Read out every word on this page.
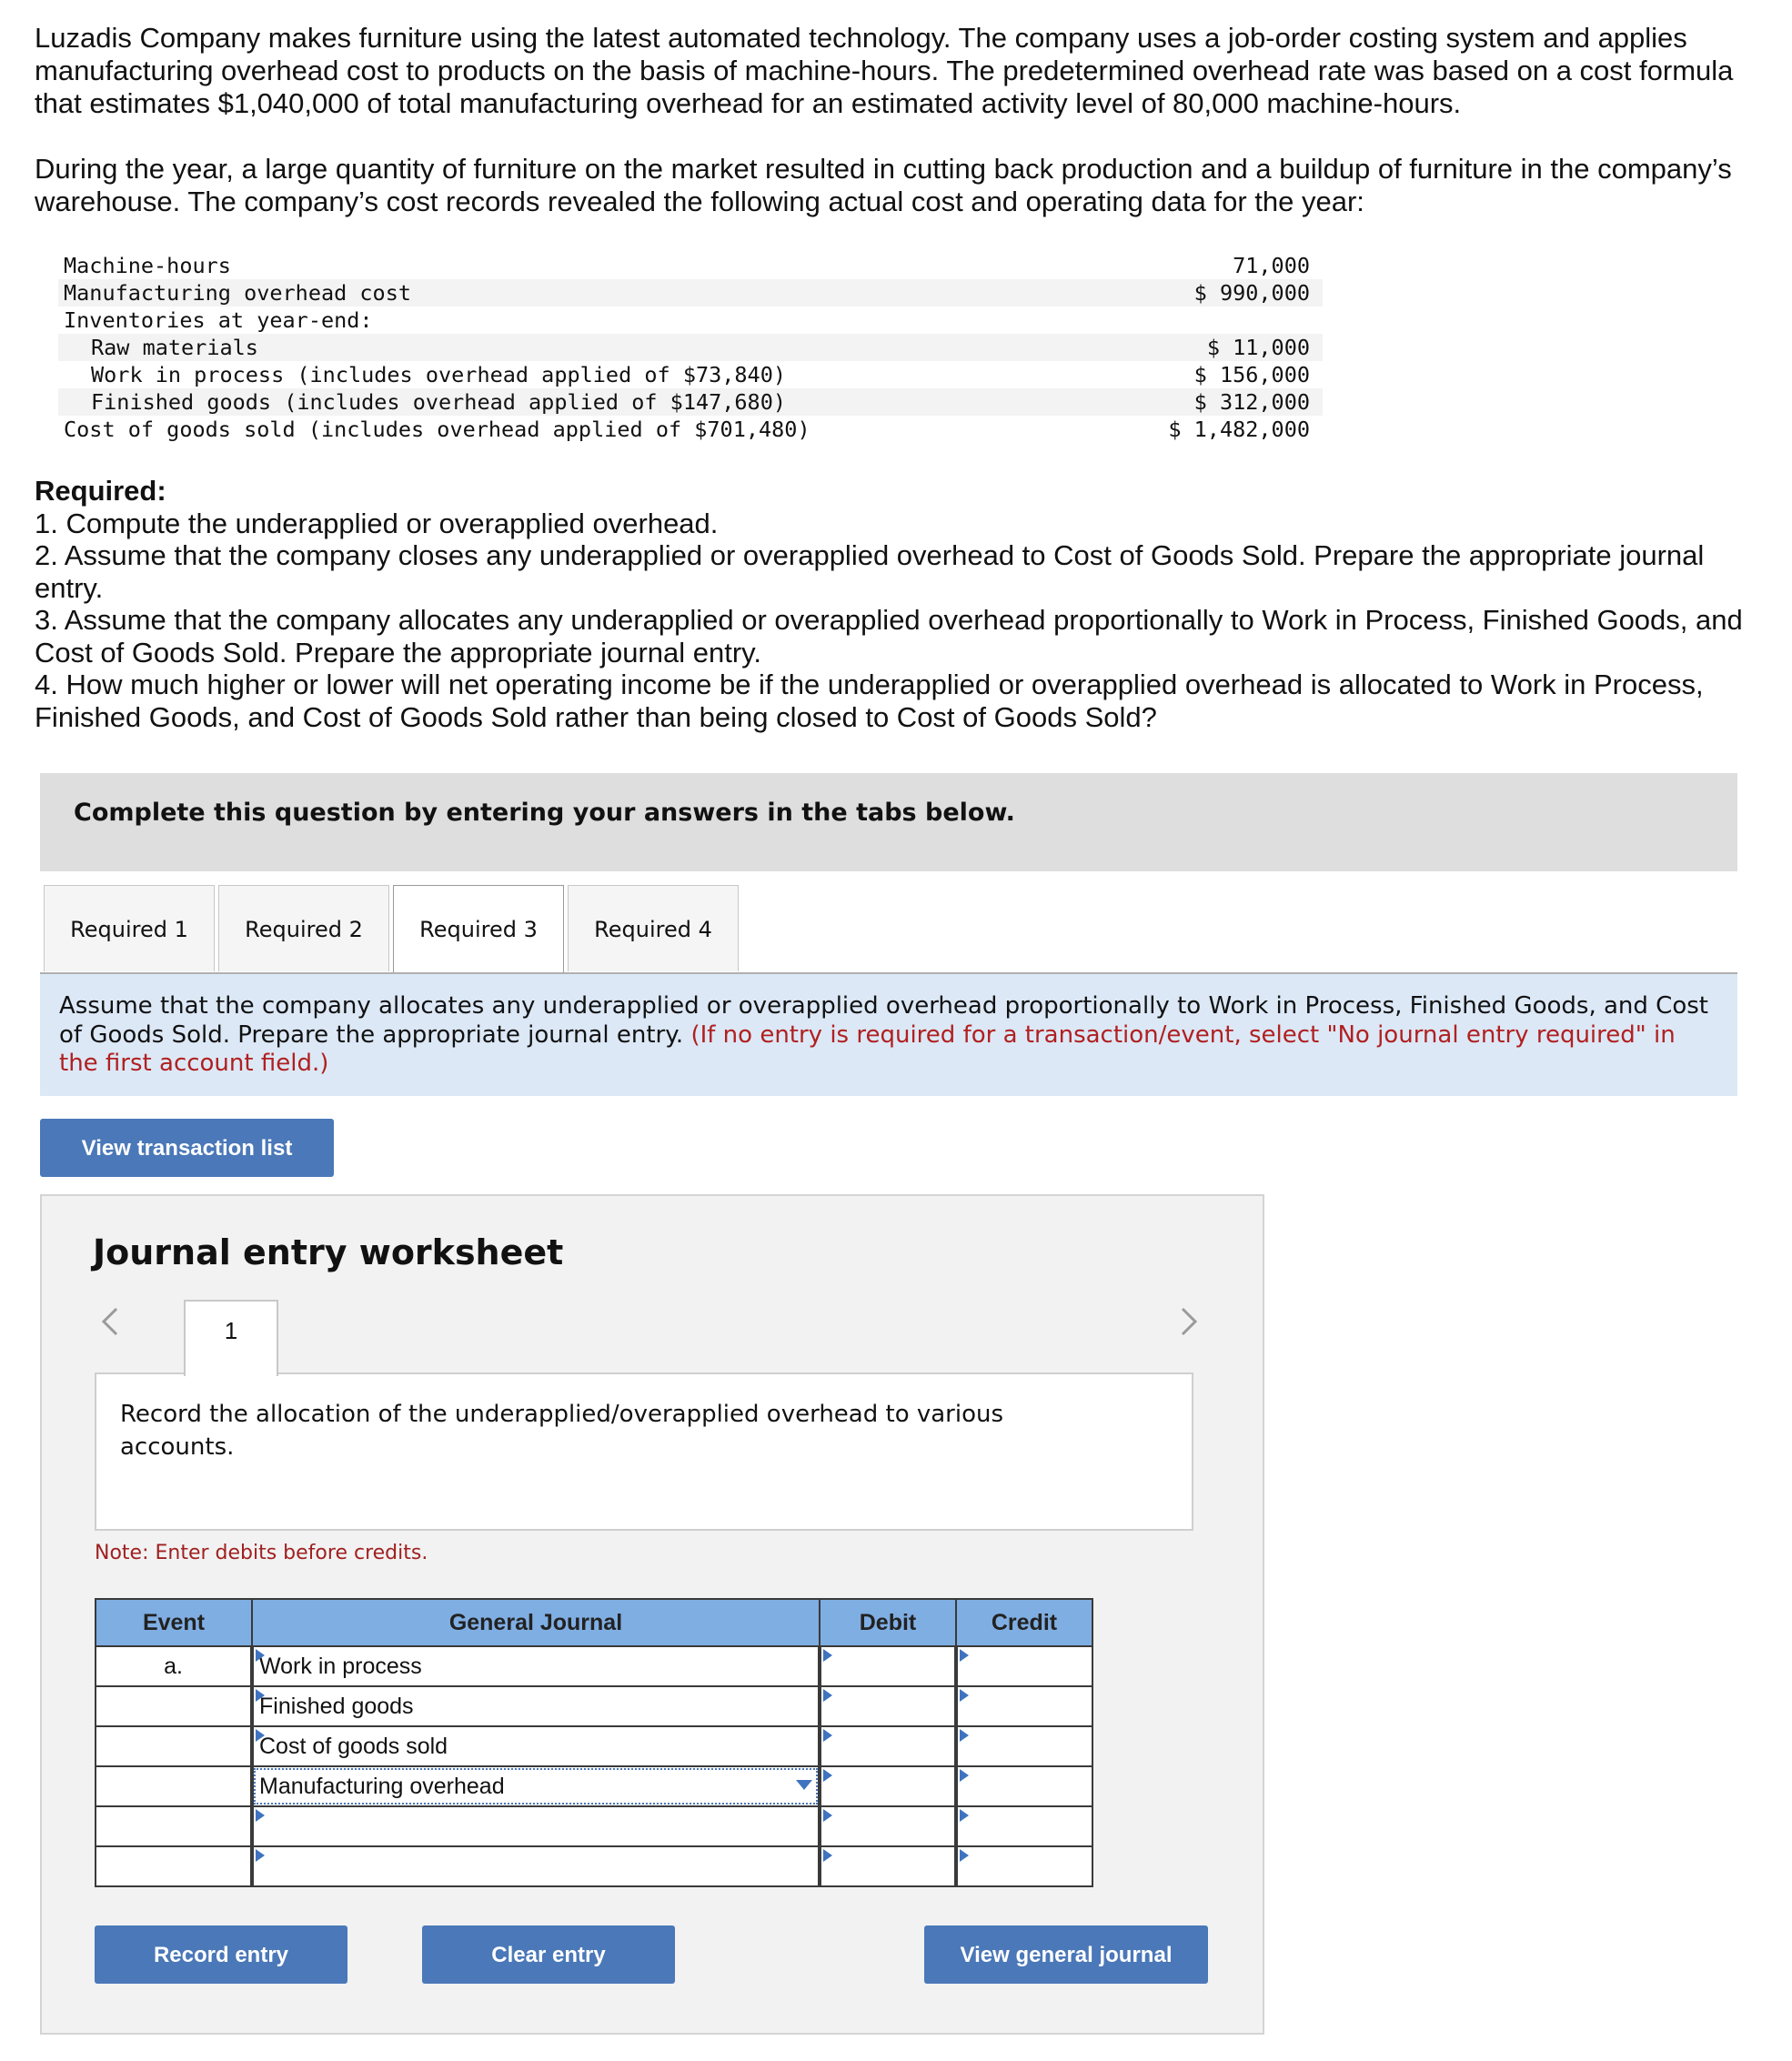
Luzadis Company makes furniture using the latest automated technology. The company uses a job-order costing system and applies manufacturing overhead cost to products on the basis of machine-hours. The predetermined overhead rate was based on a cost formula that estimates $1,040,000 of total manufacturing overhead for an estimated activity level of 80,000 machine-hours.
During the year, a large quantity of furniture on the market resulted in cutting back production and a buildup of furniture in the company’s warehouse. The company’s cost records revealed the following actual cost and operating data for the year:
Machine-hours	71,000
Manufacturing overhead cost	$ 990,000
Inventories at year-end:	
Raw materials	$ 11,000
Work in process (includes overhead applied of $73,840)	$ 156,000
Finished goods (includes overhead applied of $147,680)	$ 312,000
Cost of goods sold (includes overhead applied of $701,480)	$ 1,482,000
Required:
1. Compute the underapplied or overapplied overhead.
2. Assume that the company closes any underapplied or overapplied overhead to Cost of Goods Sold. Prepare the appropriate journal entry.
3. Assume that the company allocates any underapplied or overapplied overhead proportionally to Work in Process, Finished Goods, and Cost of Goods Sold. Prepare the appropriate journal entry.
4. How much higher or lower will net operating income be if the underapplied or overapplied overhead is allocated to Work in Process, Finished Goods, and Cost of Goods Sold rather than being closed to Cost of Goods Sold?
Complete this question by entering your answers in the tabs below.
Required 1	Required 2	Required 3	Required 4

Assume that the company allocates any underapplied or overapplied overhead proportionally to Work in Process, Finished Goods, and Cost of Goods Sold. Prepare the appropriate journal entry. (If no entry is required for a transaction/event, select "No journal entry required" in the first account field.)

View transaction list
Journal entry worksheet
1

Record the allocation of the underapplied/overapplied overhead to various accounts.

Note: Enter debits before credits.
Event	General Journal	Debit	Credit
a.	Work in process	

Finished goods	

Cost of goods sold	

	Manufacturing overhead

Record entry	Clear entry	View general journal
